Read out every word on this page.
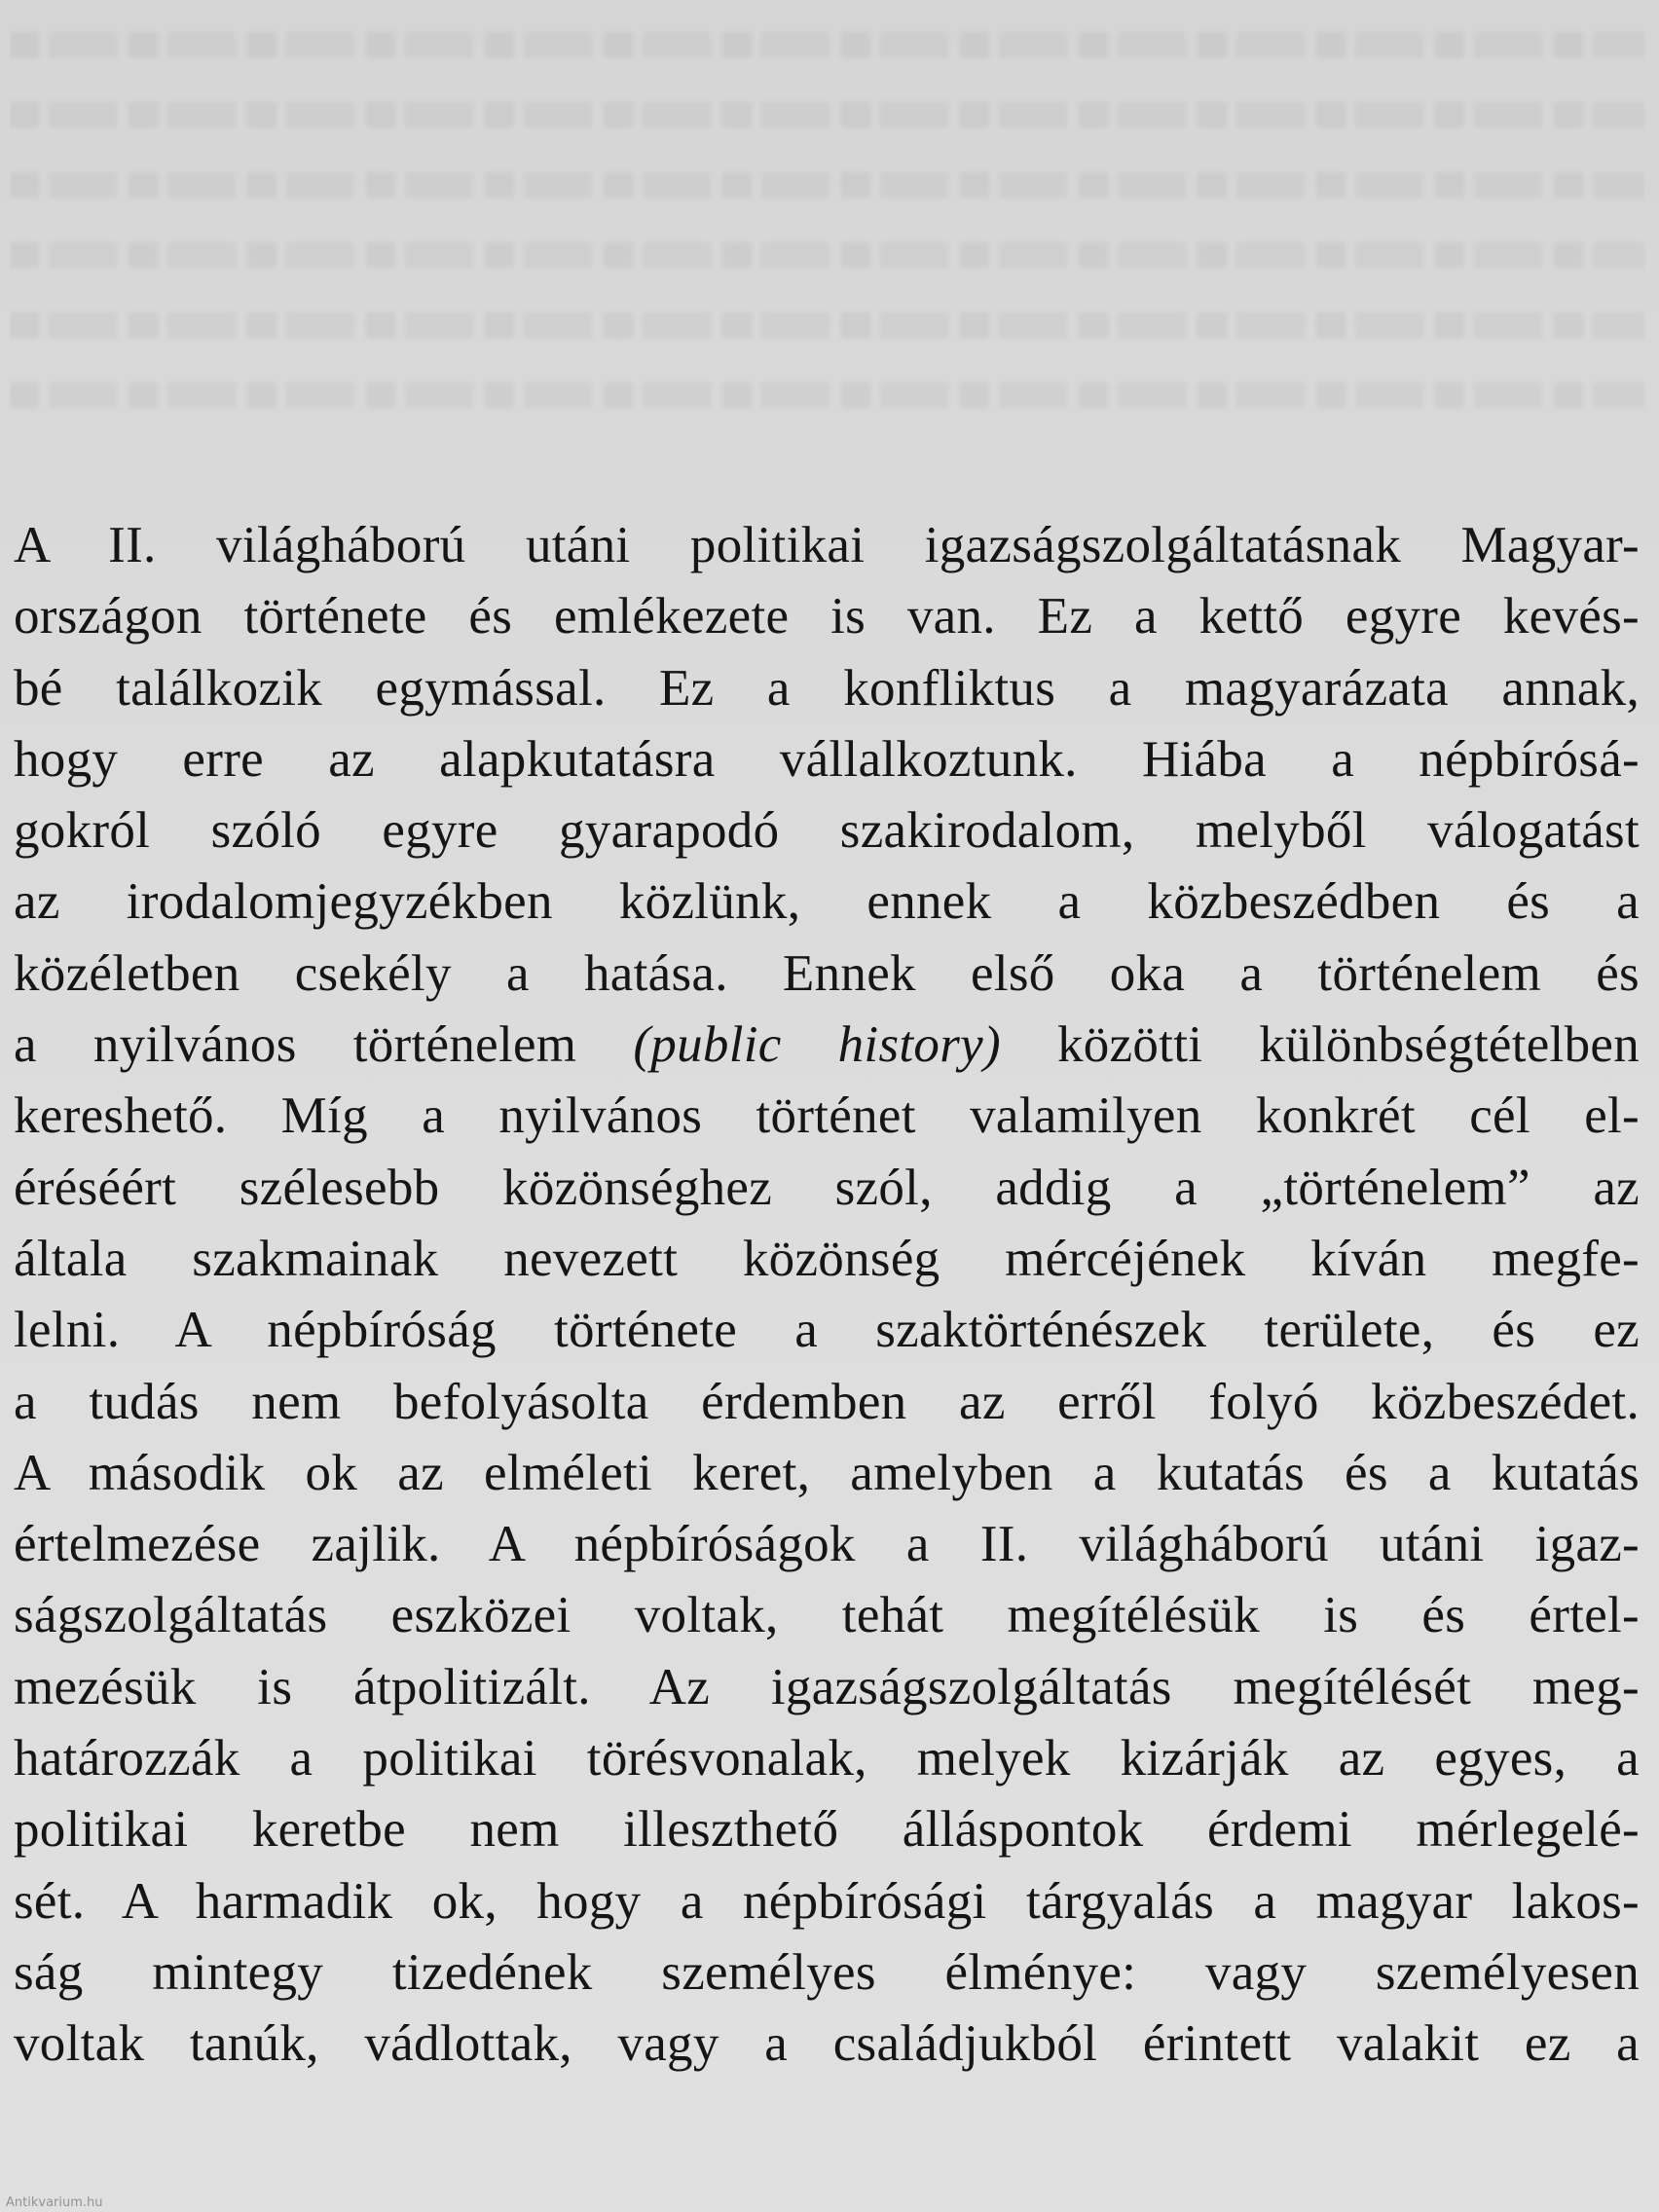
A II. világháború utáni politikai igazságszolgáltatásnak Magyar-
országon története és emlékezete is van. Ez a kettő egyre kevés-
bé találkozik egymással. Ez a konfliktus a magyarázata annak,
hogy erre az alapkutatásra vállalkoztunk. Hiába a népbírósá-
gokról szóló egyre gyarapodó szakirodalom, melyből válogatást
az irodalomjegyzékben közlünk, ennek a közbeszédben és a
közéletben csekély a hatása. Ennek első oka a történelem és
a nyilvános történelem (public history) közötti különbségtételben
kereshető. Míg a nyilvános történet valamilyen konkrét cél el-
éréséért szélesebb közönséghez szól, addig a „történelem” az
általa szakmainak nevezett közönség mércéjének kíván megfe-
lelni. A népbíróság története a szaktörténészek területe, és ez
a tudás nem befolyásolta érdemben az erről folyó közbeszédet.
A második ok az elméleti keret, amelyben a kutatás és a kutatás
értelmezése zajlik. A népbíróságok a II. világháború utáni igaz-
ságszolgáltatás eszközei voltak, tehát megítélésük is és értel-
mezésük is átpolitizált. Az igazságszolgáltatás megítélését meg-
határozzák a politikai törésvonalak, melyek kizárják az egyes, a
politikai keretbe nem illeszthető álláspontok érdemi mérlegelé-
sét. A harmadik ok, hogy a népbírósági tárgyalás a magyar lakos-
ság mintegy tizedének személyes élménye: vagy személyesen
voltak tanúk, vádlottak, vagy a családjukból érintett valakit ez a
Antikvarium.hu
